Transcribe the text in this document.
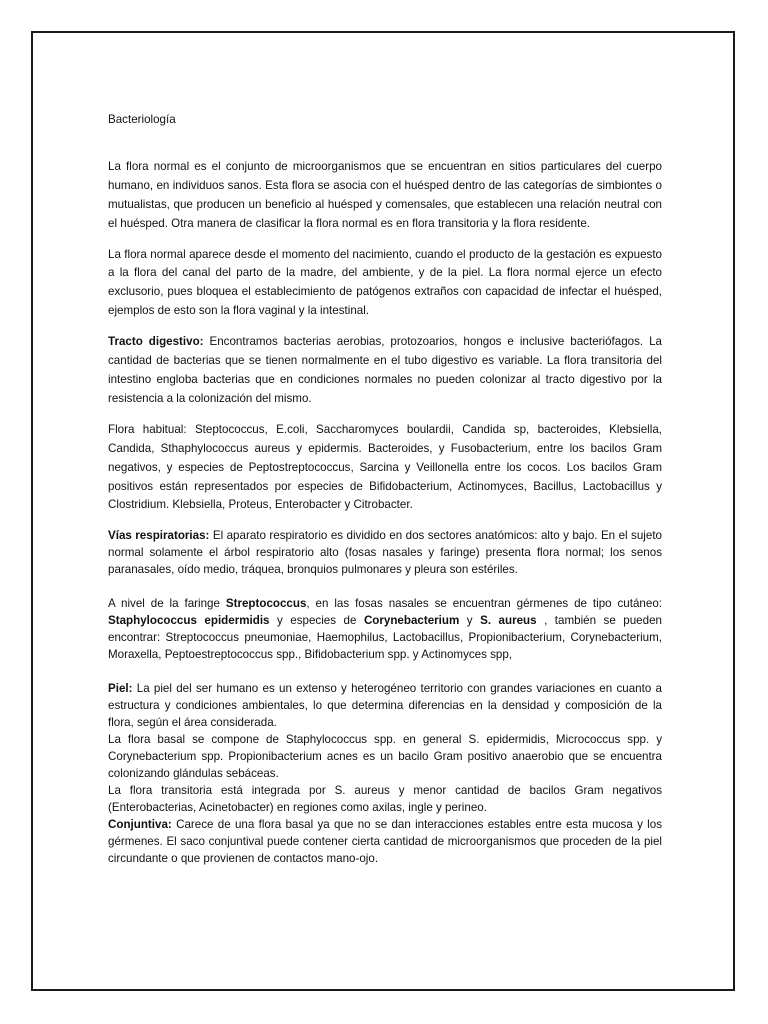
Bacteriología

La flora normal es el conjunto de microorganismos que se encuentran en sitios particulares del cuerpo humano, en individuos sanos. Esta flora se asocia con el huésped dentro de las categorías de simbiontes o mutualistas, que producen un beneficio al huésped y comensales, que establecen una relación neutral con el huésped. Otra manera de clasificar la flora normal es en flora transitoria y la flora residente.

La flora normal aparece desde el momento del nacimiento, cuando el producto de la gestación es expuesto a la flora del canal del parto de la madre, del ambiente, y de la piel. La flora normal ejerce un efecto exclusorio, pues bloquea el establecimiento de patógenos extraños con capacidad de infectar el huésped, ejemplos de esto son la flora vaginal y la intestinal.

Tracto digestivo: Encontramos bacterias aerobias, protozoarios, hongos e inclusive bacteriófagos. La cantidad de bacterias que se tienen normalmente en el tubo digestivo es variable. La flora transitoria del intestino engloba bacterias que en condiciones normales no pueden colonizar al tracto digestivo por la resistencia a la colonización del mismo.

Flora habitual: Steptococcus, E.coli, Saccharomyces boulardii, Candida sp, bacteroides, Klebsiella, Candida, Sthaphylococcus aureus y epidermis. Bacteroides, y Fusobacterium, entre los bacilos Gram negativos, y especies de Peptostreptococcus, Sarcina y Veillonella entre los cocos. Los bacilos Gram positivos están representados por especies de Bifidobacterium, Actinomyces, Bacillus, Lactobacillus y Clostridium. Klebsiella, Proteus, Enterobacter y Citrobacter.

Vías respiratorias: El aparato respiratorio es dividido en dos sectores anatómicos: alto y bajo. En el sujeto normal solamente el árbol respiratorio alto (fosas nasales y faringe) presenta flora normal; los senos paranasales, oído medio, tráquea, bronquios pulmonares y pleura son estériles.

A nivel de la faringe Streptococcus, en las fosas nasales se encuentran gérmenes de tipo cutáneo: Staphylococcus epidermidis y especies de Corynebacterium y S. aureus , también se pueden encontrar: Streptococcus pneumoniae, Haemophilus, Lactobacillus, Propionibacterium, Corynebacterium, Moraxella, Peptoestreptococcus spp., Bifidobacterium spp. y Actinomyces spp,

Piel: La piel del ser humano es un extenso y heterogéneo territorio con grandes variaciones en cuanto a estructura y condiciones ambientales, lo que determina diferencias en la densidad y composición de la flora, según el área considerada.

La flora basal se compone de Staphylococcus spp. en general S. epidermidis, Micrococcus spp. y Corynebacterium spp. Propionibacterium acnes es un bacilo Gram positivo anaerobio que se encuentra colonizando glándulas sebáceas.

La flora transitoria está integrada por S. aureus y menor cantidad de bacilos Gram negativos (Enterobacterias, Acinetobacter) en regiones como axilas, ingle y perineo.

Conjuntiva: Carece de una flora basal ya que no se dan interacciones estables entre esta mucosa y los gérmenes. El saco conjuntival puede contener cierta cantidad de microorganismos que proceden de la piel circundante o que provienen de contactos mano-ojo.
